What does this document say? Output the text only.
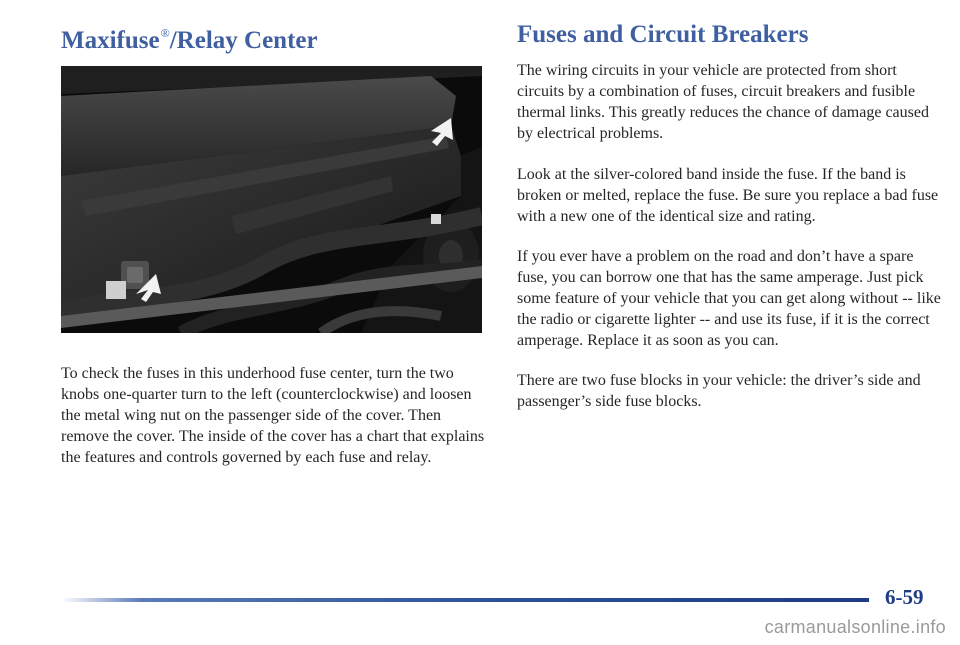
Maxifuse®/Relay Center

To check the fuses in this underhood fuse center, turn the two knobs one-quarter turn to the left (counterclockwise) and loosen the metal wing nut on the passenger side of the cover. Then remove the cover. The inside of the cover has a chart that explains the features and controls governed by each fuse and relay.

Fuses and Circuit Breakers

The wiring circuits in your vehicle are protected from short circuits by a combination of fuses, circuit breakers and fusible thermal links. This greatly reduces the chance of damage caused by electrical problems.

Look at the silver-colored band inside the fuse. If the band is broken or melted, replace the fuse. Be sure you replace a bad fuse with a new one of the identical size and rating.

If you ever have a problem on the road and don’t have a spare fuse, you can borrow one that has the same amperage. Just pick some feature of your vehicle that you can get along without -- like the radio or cigarette lighter -- and use its fuse, if it is the correct amperage. Replace it as soon as you can.

There are two fuse blocks in your vehicle: the driver’s side and passenger’s side fuse blocks.

6-59
carmanualsonline.info
